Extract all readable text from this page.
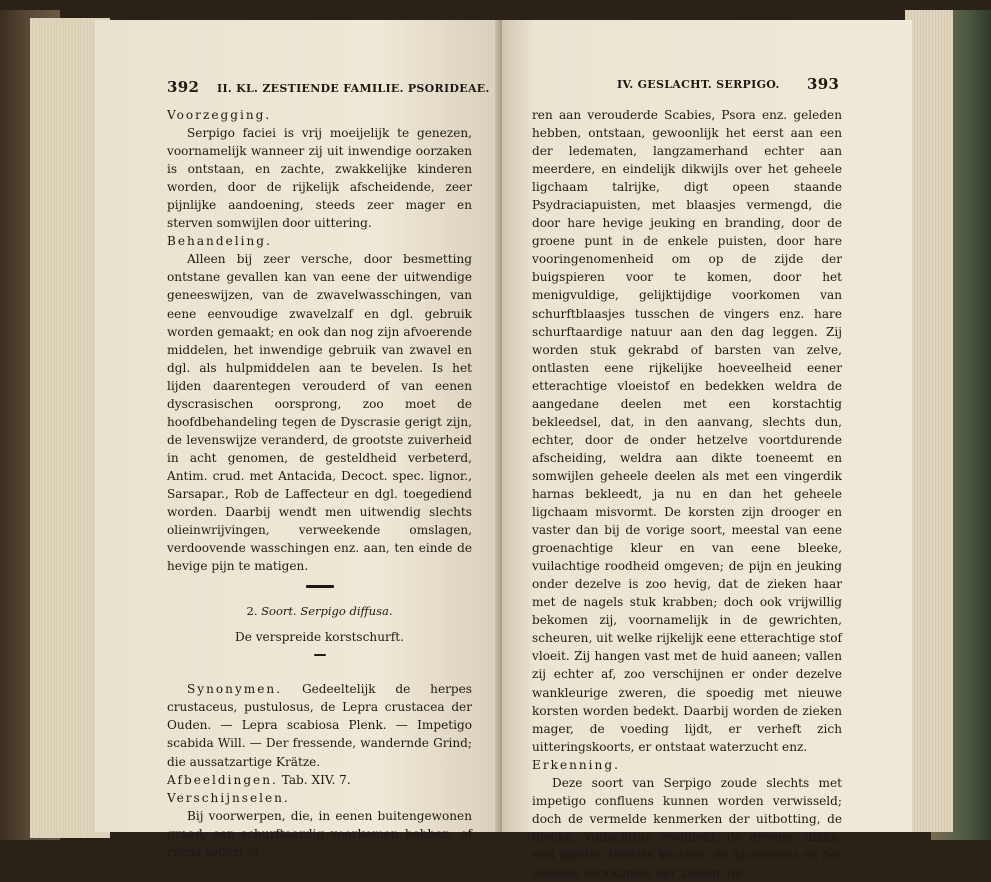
392 II. KL. ZESTIENDE FAMILIE. PSORIDEAE.

Voorzegging.

Serpigo faciei is vrij moeijelijk te genezen, voornamelijk wanneer zij uit inwendige oorzaken is ontstaan, en zachte, zwakkelijke kinderen worden, door de rijkelijk afscheidende, zeer pijnlijke aandoening, steeds zeer mager en sterven somwijlen door uittering.

Behandeling.

Alleen bij zeer versche, door besmetting ontstane gevallen kan van eene der uitwendige geneeswijzen, van de zwavelwasschingen, van eene eenvoudige zwavelzalf en dgl. gebruik worden gemaakt; en ook dan nog zijn afvoerende middelen, het inwendige gebruik van zwavel en dgl. als hulpmiddelen aan te bevelen. Is het lijden daarentegen verouderd of van eenen dyscrasischen oorsprong, zoo moet de hoofdbehandeling tegen de Dyscrasie gerigt zijn, de levenswijze veranderd, de grootste zuiverheid in acht genomen, de gesteldheid verbeterd, Antim. crud. met Antacida, Decoct. spec. lignor., Sarsapar., Rob de Laffecteur en dgl. toegediend worden. Daarbij wendt men uitwendig slechts olieinwrijvingen, verweekende omslagen, verdoovende wasschingen enz. aan, ten einde de hevige pijn te matigen.

2. Soort. Serpigo diffusa.

De verspreide korstschurft.

Synonymen. Gedeeltelijk de herpes crustaceus, pustulosus, de Lepra crustacea der Ouden. — Lepra scabiosa Plenk. — Impetigo scabida Will. — Der fressende, wandernde Grind; die aussatzartige Krätze.

Afbeeldingen. Tab. XIV. 7.

Verschijnselen.

Bij voorwerpen, die, in eenen buitengewonen graad, een schurftaardig voorkomen hebben, of reeds sedert ja-

IV. GESLACHT. SERPIGO. 393

ren aan verouderde Scabies, Psora enz. geleden hebben, ontstaan, gewoonlijk het eerst aan een der ledematen, langzamerhand echter aan meerdere, en eindelijk dikwijls over het geheele ligchaam talrijke, digt opeen staande Psydraciapuisten, met blaasjes vermengd, die door hare hevige jeuking en branding, door de groene punt in de enkele puisten, door hare vooringenomenheid om op de zijde der buigspieren voor te komen, door het menigvuldige, gelijktijdige voorkomen van schurftblaasjes tusschen de vingers enz. hare schurftaardige natuur aan den dag leggen. Zij worden stuk gekrabd of barsten van zelve, ontlasten eene rijkelijke hoeveelheid eener etterachtige vloeistof en bedekken weldra de aangedane deelen met een korstachtig bekleedsel, dat, in den aanvang, slechts dun, echter, door de onder hetzelve voortdurende afscheiding, weldra aan dikte toeneemt en somwijlen geheele deelen als met een vingerdik harnas bekleedt, ja nu en dan het geheele ligchaam misvormt. De korsten zijn drooger en vaster dan bij de vorige soort, meestal van eene groenachtige kleur en van eene bleeke, vuilachtige roodheid omgeven; de pijn en jeuking onder dezelve is zoo hevig, dat de zieken haar met de nagels stuk krabben; doch ook vrijwillig bekomen zij, voornamelijk in de gewrichten, scheuren, uit welke rijkelijk eene etterachtige stof vloeit. Zij hangen vast met de huid aaneen; vallen zij echter af, zoo verschijnen er onder dezelve wankleurige zweren, die spoedig met nieuwe korsten worden bedekt. Daarbij worden de zieken mager, de voeding lijdt, er verheft zich uitteringskoorts, er ontstaat waterzucht enz.

Erkenning.

Deze soort van Serpigo zoude slechts met impetigo confluens kunnen worden verwisseld; doch de vermelde kenmerken der uitbotting, de bleeke, vuilachtige roodheid, de groene, dikke, met spleten bezette korsten, de Anamnesis en het geheele voorkomen der zieken, de
